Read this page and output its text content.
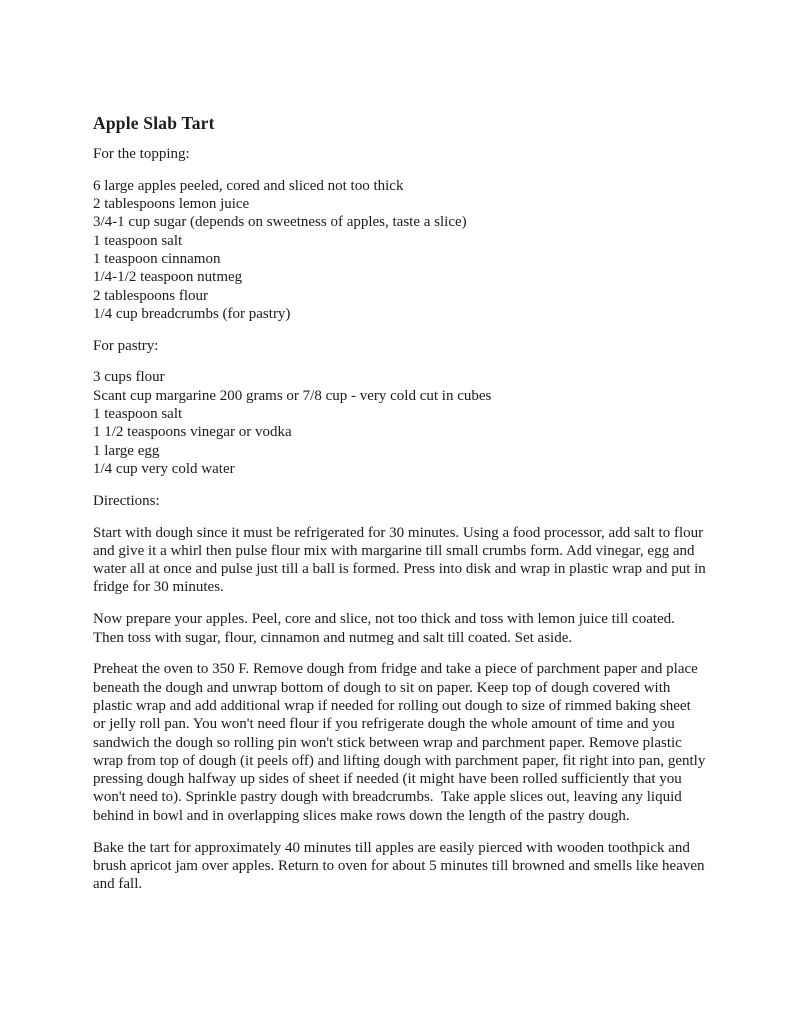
Apple Slab Tart

For the topping:

6 large apples peeled, cored and sliced not too thick
2 tablespoons lemon juice
3/4-1 cup sugar (depends on sweetness of apples, taste a slice)
1 teaspoon salt
1 teaspoon cinnamon
1/4-1/2 teaspoon nutmeg
2 tablespoons flour
1/4 cup breadcrumbs (for pastry)

For pastry:

3 cups flour
Scant cup margarine 200 grams or 7/8 cup - very cold cut in cubes
1 teaspoon salt
1 1/2 teaspoons vinegar or vodka
1 large egg
1/4 cup very cold water

Directions:

Start with dough since it must be refrigerated for 30 minutes. Using a food processor, add salt to flour and give it a whirl then pulse flour mix with margarine till small crumbs form. Add vinegar, egg and water all at once and pulse just till a ball is formed. Press into disk and wrap in plastic wrap and put in fridge for 30 minutes.

Now prepare your apples. Peel, core and slice, not too thick and toss with lemon juice till coated. Then toss with sugar, flour, cinnamon and nutmeg and salt till coated. Set aside.

Preheat the oven to 350 F. Remove dough from fridge and take a piece of parchment paper and place beneath the dough and unwrap bottom of dough to sit on paper. Keep top of dough covered with plastic wrap and add additional wrap if needed for rolling out dough to size of rimmed baking sheet or jelly roll pan. You won't need flour if you refrigerate dough the whole amount of time and you sandwich the dough so rolling pin won't stick between wrap and parchment paper. Remove plastic wrap from top of dough (it peels off) and lifting dough with parchment paper, fit right into pan, gently pressing dough halfway up sides of sheet if needed (it might have been rolled sufficiently that you won't need to). Sprinkle pastry dough with breadcrumbs.  Take apple slices out, leaving any liquid behind in bowl and in overlapping slices make rows down the length of the pastry dough.

Bake the tart for approximately 40 minutes till apples are easily pierced with wooden toothpick and brush apricot jam over apples. Return to oven for about 5 minutes till browned and smells like heaven and fall.
